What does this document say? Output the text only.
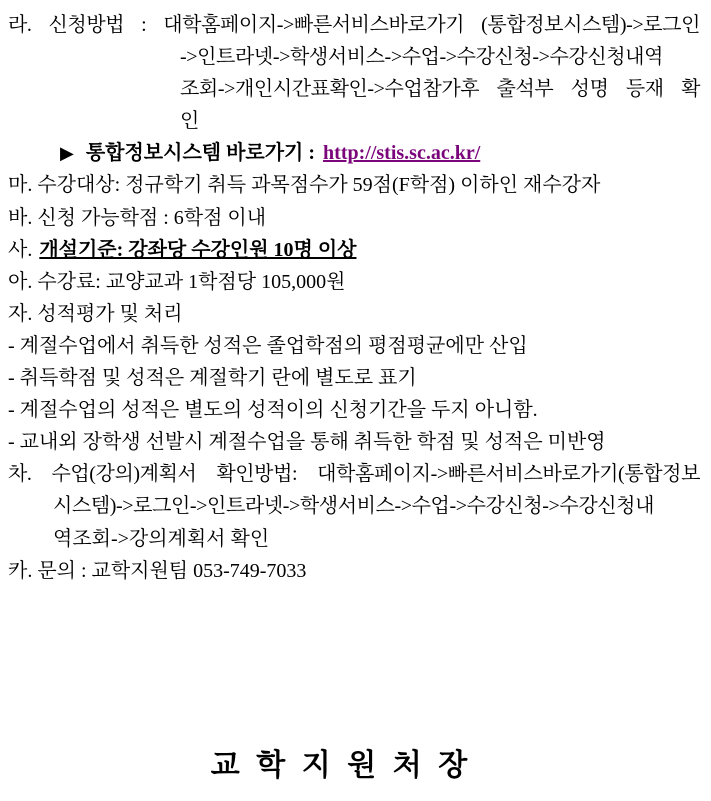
라. 신청방법 : 대학홈페이지->빠른서비스바로가기 (통합정보시스템)->로그인
->인트라넷->학생서비스->수업->수강신청->수강신청내역
조회->개인시간표확인->수업참가후 출석부 성명 등재 확
인
▶ 통합정보시스템 바로가기 : http://stis.sc.ac.kr/
마. 수강대상: 정규학기 취득 과목점수가 59점(F학점) 이하인 재수강자
바. 신청 가능학점 : 6학점 이내
사. 개설기준: 강좌당 수강인원 10명 이상
아. 수강료: 교양교과 1학점당 105,000원
자. 성적평가 및 처리
- 계절수업에서 취득한 성적은 졸업학점의 평점평균에만 산입
- 취득학점 및 성적은 계절학기 란에 별도로 표기
- 계절수업의 성적은 별도의 성적이의 신청기간을 두지 아니함.
- 교내외 장학생 선발시 계절수업을 통해 취득한 학점 및 성적은 미반영
차. 수업(강의)계획서 확인방법: 대학홈페이지->빠른서비스바로가기(통합정보
시스템)->로그인->인트라넷->학생서비스->수업->수강신청->수강신청내
역조회->강의계획서 확인
카. 문의 : 교학지원팀 053-749-7033
교 학 지 원 처 장
